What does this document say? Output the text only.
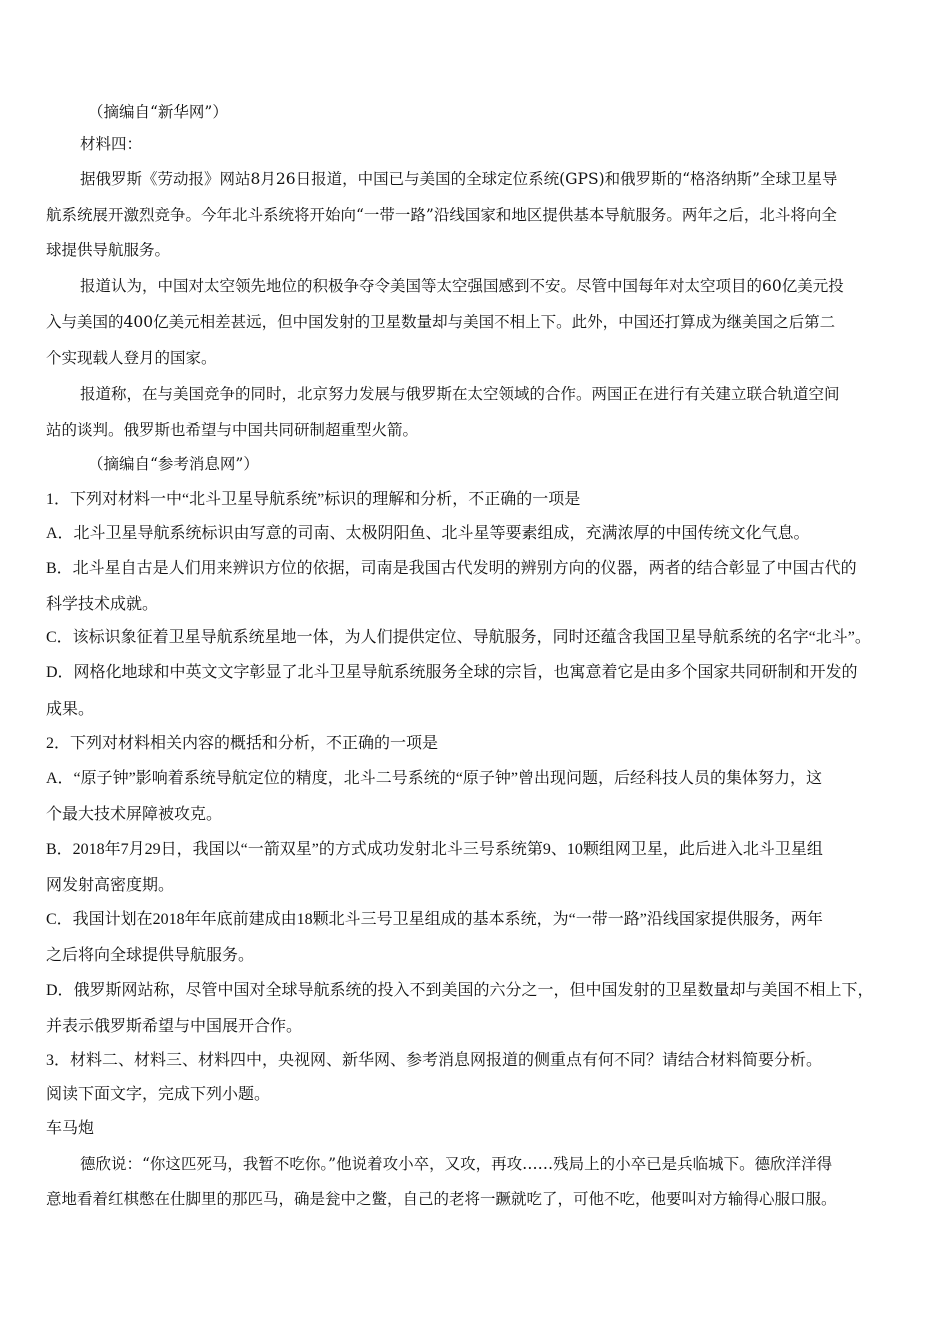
（摘编自“新华网”）
材料四：
据俄罗斯《劳动报》网站8月26日报道，中国已与美国的全球定位系统(GPS)和俄罗斯的“格洛纳斯”全球卫星导
航系统展开激烈竞争。今年北斗系统将开始向“一带一路”沿线国家和地区提供基本导航服务。两年之后，北斗将向全
球提供导航服务。
报道认为，中国对太空领先地位的积极争夺令美国等太空强国感到不安。尽管中国每年对太空项目的60亿美元投
入与美国的400亿美元相差甚远，但中国发射的卫星数量却与美国不相上下。此外，中国还打算成为继美国之后第二
个实现载人登月的国家。
报道称，在与美国竞争的同时，北京努力发展与俄罗斯在太空领域的合作。两国正在进行有关建立联合轨道空间
站的谈判。俄罗斯也希望与中国共同研制超重型火箭。
（摘编自“参考消息网”）
1．下列对材料一中“北斗卫星导航系统”标识的理解和分析，不正确的一项是
A．北斗卫星导航系统标识由写意的司南、太极阴阳鱼、北斗星等要素组成，充满浓厚的中国传统文化气息。
B．北斗星自古是人们用来辨识方位的依据，司南是我国古代发明的辨别方向的仪器，两者的结合彰显了中国古代的
科学技术成就。
C．该标识象征着卫星导航系统星地一体，为人们提供定位、导航服务，同时还蕴含我国卫星导航系统的名字“北斗”。
D．网格化地球和中英文文字彰显了北斗卫星导航系统服务全球的宗旨，也寓意着它是由多个国家共同研制和开发的
成果。
2．下列对材料相关内容的概括和分析，不正确的一项是
A．“原子钟”影响着系统导航定位的精度，北斗二号系统的“原子钟”曾出现问题，后经科技人员的集体努力，这
个最大技术屏障被攻克。
B．2018年7月29日，我国以“一箭双星”的方式成功发射北斗三号系统第9、10颗组网卫星，此后进入北斗卫星组
网发射高密度期。
C．我国计划在2018年年底前建成由18颗北斗三号卫星组成的基本系统，为“一带一路”沿线国家提供服务，两年
之后将向全球提供导航服务。
D．俄罗斯网站称，尽管中国对全球导航系统的投入不到美国的六分之一，但中国发射的卫星数量却与美国不相上下，
并表示俄罗斯希望与中国展开合作。
3．材料二、材料三、材料四中，央视网、新华网、参考消息网报道的侧重点有何不同？请结合材料简要分析。
阅读下面文字，完成下列小题。
车马炮
德欣说：“你这匹死马，我暂不吃你。”他说着攻小卒，又攻，再攻……残局上的小卒已是兵临城下。德欣洋洋得
意地看着红棋憋在仕脚里的那匹马，确是瓮中之鳖，自己的老将一蹶就吃了，可他不吃，他要叫对方输得心服口服。
